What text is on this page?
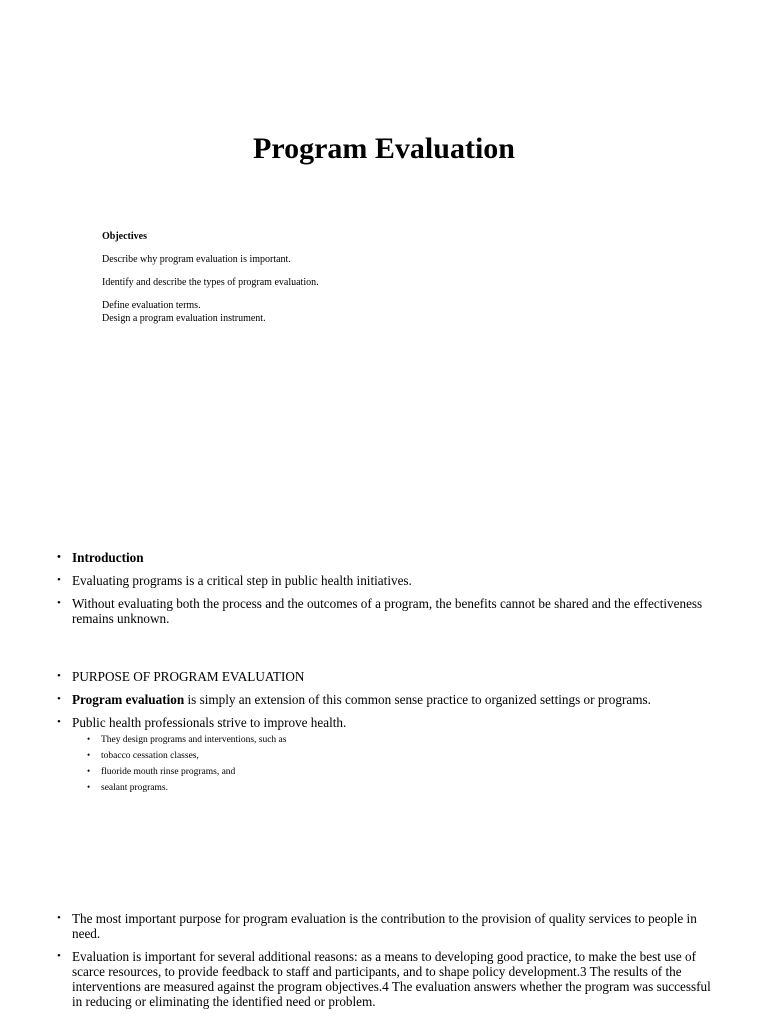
Program Evaluation
Objectives
Describe why program evaluation is important.
Identify and describe the types of program evaluation.
Define evaluation terms.
Design a program evaluation instrument.
• Introduction
• Evaluating programs is a critical step in public health initiatives.
• Without evaluating both the process and the outcomes of a program, the benefits cannot be shared and the effectiveness remains unknown.
• PURPOSE OF PROGRAM EVALUATION
• Program evaluation is simply an extension of this common sense practice to organized settings or programs.
• Public health professionals strive to improve health.
• They design programs and interventions, such as
• tobacco cessation classes,
• fluoride mouth rinse programs, and
• sealant programs.
• The most important purpose for program evaluation is the contribution to the provision of quality services to people in need.
• Evaluation is important for several additional reasons: as a means to developing good practice, to make the best use of scarce resources, to provide feedback to staff and participants, and to shape policy development.3 The results of the interventions are measured against the program objectives.4 The evaluation answers whether the program was successful in reducing or eliminating the identified need or problem.
